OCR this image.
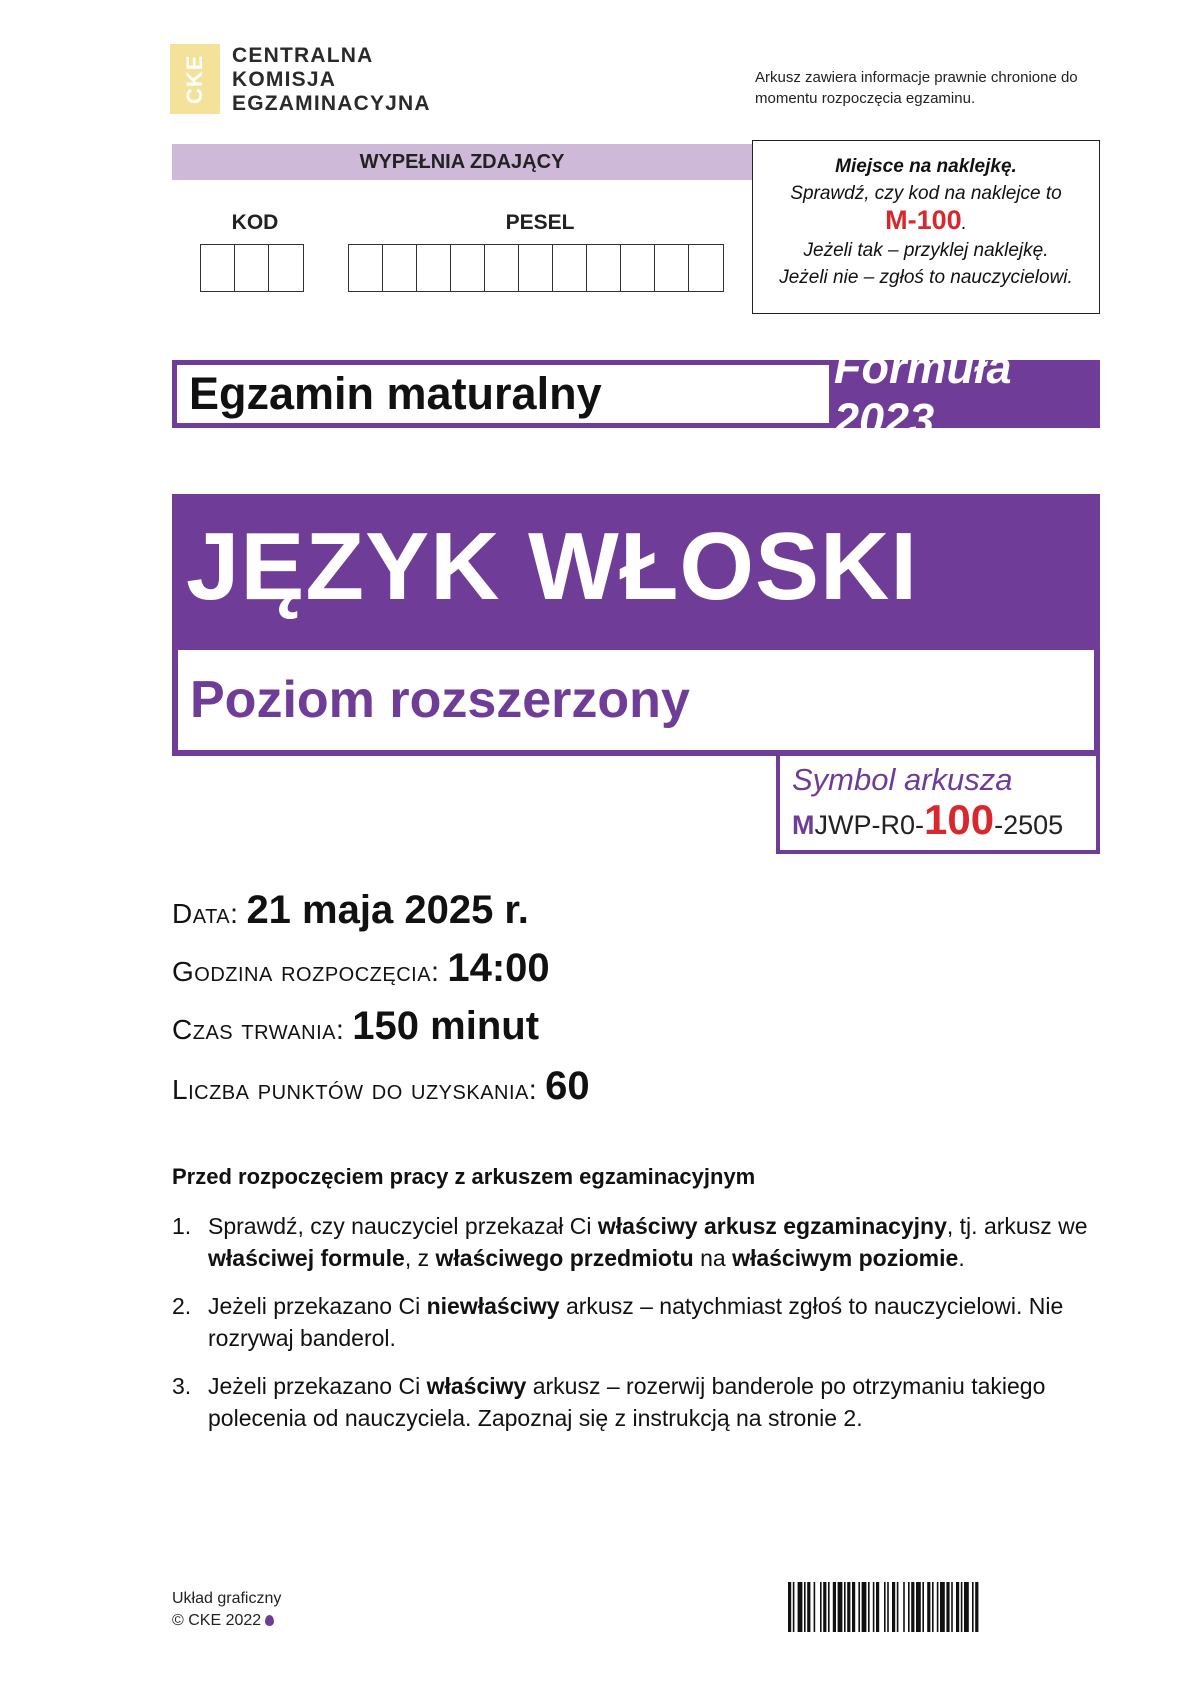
CKE	CENTRALNA
KOMISJA
EGZAMINACYJNA
Arkusz zawiera informacje prawnie chronione do momentu rozpoczęcia egzaminu.
WYPEŁNIA ZDAJĄCY
KOD	PESEL
Miejsce na naklejkę.
Sprawdź, czy kod na naklejce to
M-100.
Jeżeli tak – przyklej naklejkę.
Jeżeli nie – zgłoś to nauczycielowi.
Egzamin maturalny
Formuła 2023
JĘZYK WŁOSKI
Poziom rozszerzony
Symbol arkusza
MJWP-R0-100-2505
Data: 21 maja 2025 r.
Godzina rozpoczęcia: 14:00
Czas trwania: 150 minut
Liczba punktów do uzyskania: 60
Przed rozpoczęciem pracy z arkuszem egzaminacyjnym
1. Sprawdź, czy nauczyciel przekazał Ci właściwy arkusz egzaminacyjny, tj. arkusz we właściwej formule, z właściwego przedmiotu na właściwym poziomie.
2. Jeżeli przekazano Ci niewłaściwy arkusz – natychmiast zgłoś to nauczycielowi. Nie rozrywaj banderol.
3. Jeżeli przekazano Ci właściwy arkusz – rozerwij banderole po otrzymaniu takiego polecenia od nauczyciela. Zapoznaj się z instrukcją na stronie 2.
Układ graficzny
© CKE 2022
